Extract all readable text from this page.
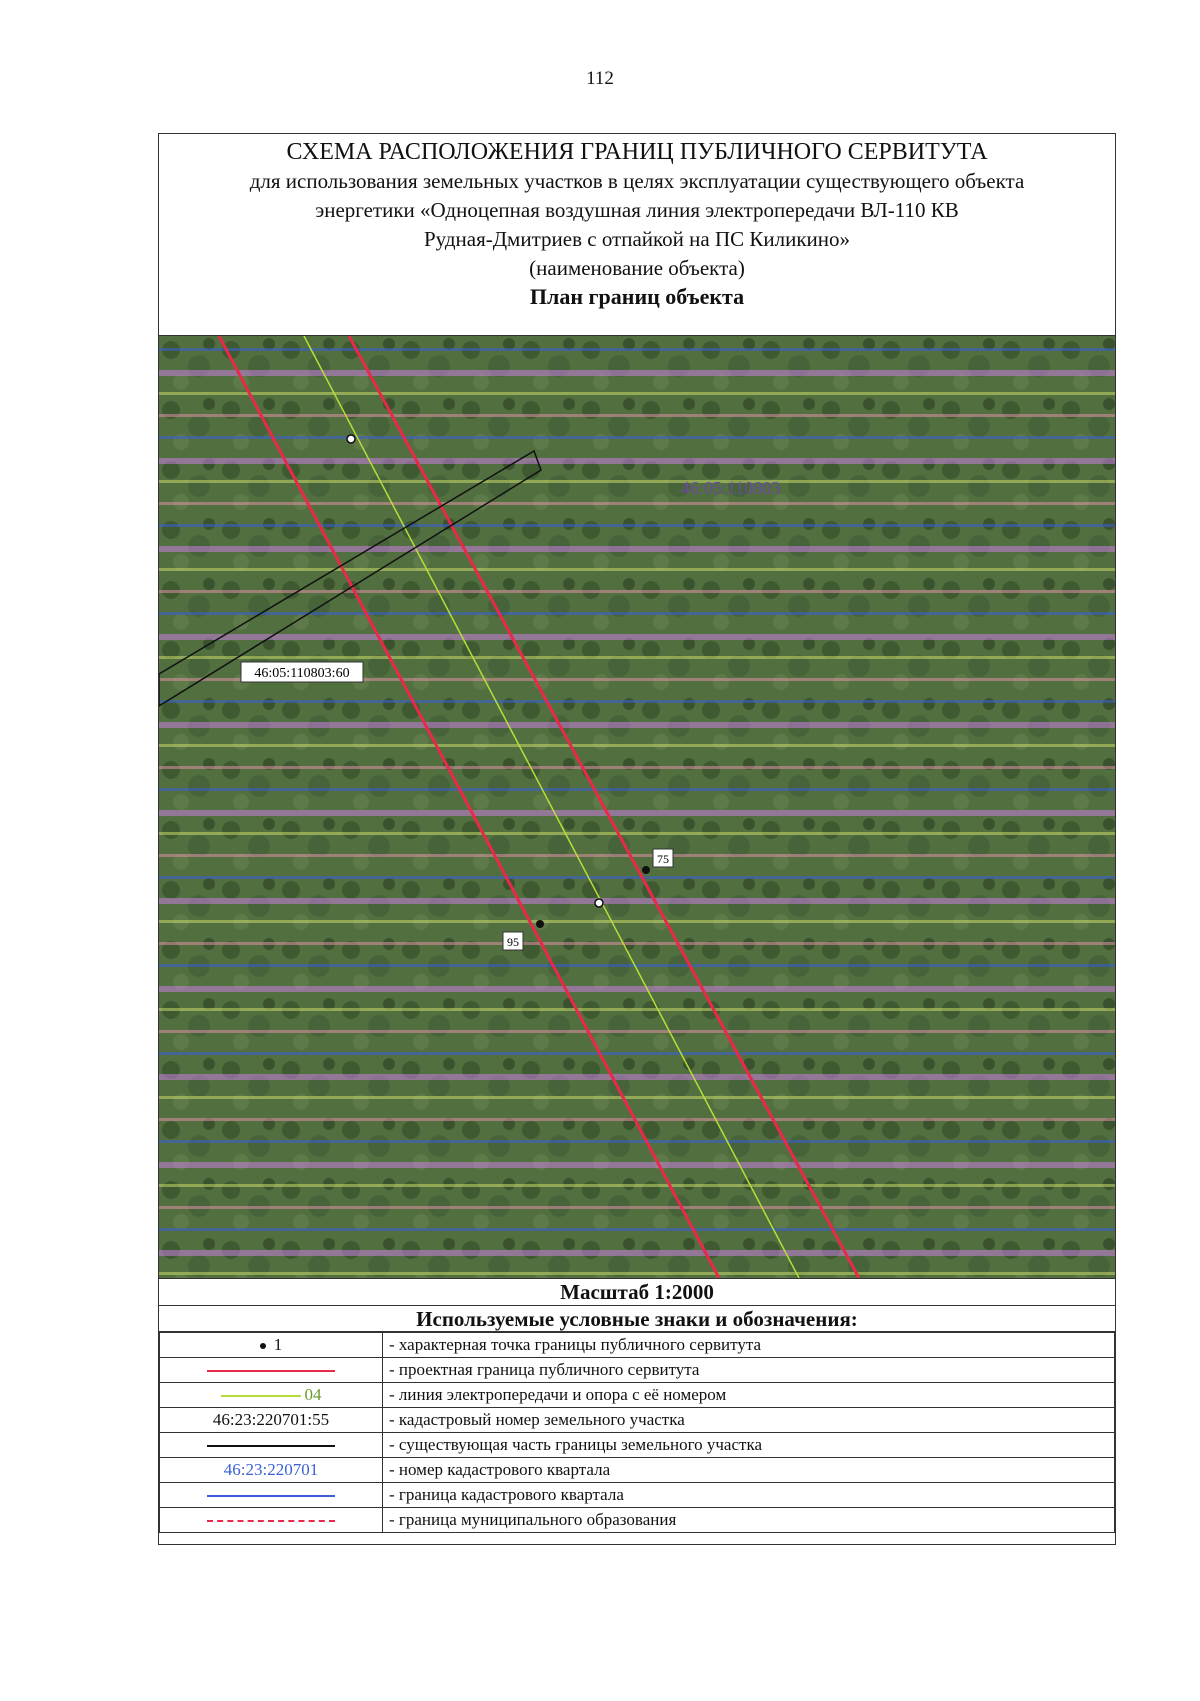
112
СХЕМА РАСПОЛОЖЕНИЯ ГРАНИЦ ПУБЛИЧНОГО СЕРВИТУТА
для использования земельных участков в целях эксплуатации существующего объекта
энергетики «Одноцепная воздушная линия электропередачи ВЛ-110 КВ
Рудная-Дмитриев с отпайкой на ПС Киликино»
(наименование объекта)
План границ объекта
75
95
46:05:110803:60
46:05:110803
Масштаб 1:2000
Используемые условные знаки и обозначения:
1	- характерная точка границы публичного сервитута
	- проектная граница публичного сервитута
04	- линия электропередачи и опора с её номером
46:23:220701:55	- кадастровый номер земельного участка
	- существующая часть границы земельного участка
46:23:220701	- номер кадастрового квартала
	- граница кадастрового квартала
	- граница муниципального образования
